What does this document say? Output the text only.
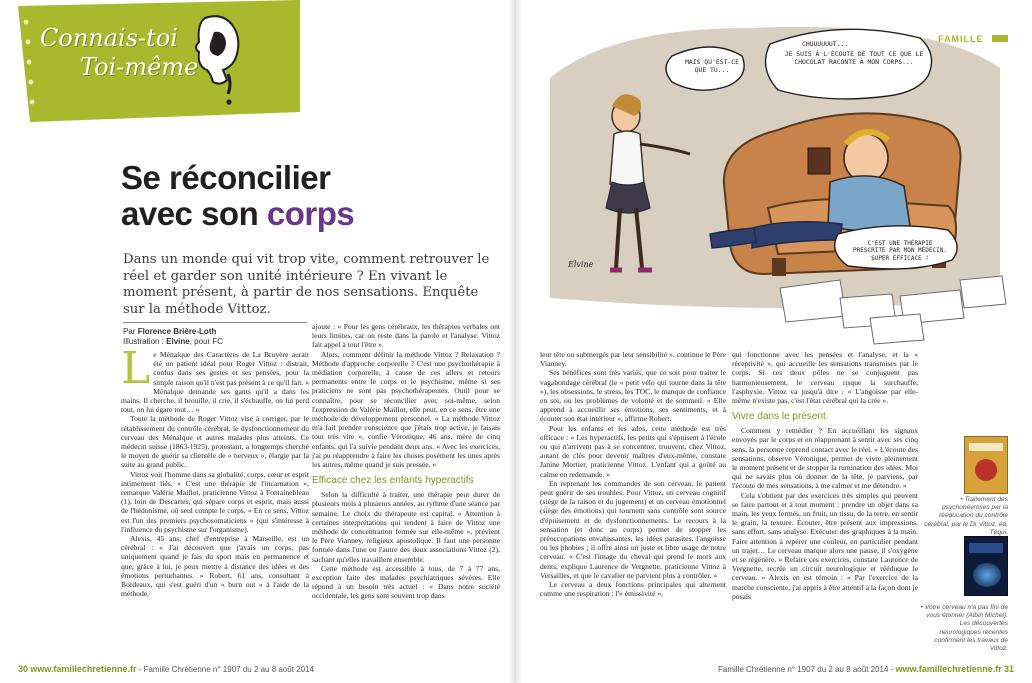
Connais-toi
Toi-même
Se réconcilier
avec son corps
Dans un monde qui vit trop vite, comment retrouver le réel et garder son unité intérieure ? En vivant le moment présent, à partir de nos sensations. Enquête sur la méthode Vittoz.
Par Florence Brière-Loth
Illustration : Elvine, pour FC

Le Ménalque des Caractères de La Bruyère aurait été un patient idéal pour Roger Vittoz : distrait, confus dans ses gestes et ses pensées, pour la simple raison qu'il n'est pas présent à ce qu'il fait. « Ménalque demande ses gants qu'il a dans les mains. Il cherche, il brouille, il crie, il s'échauffe, on lui perd tout, on lui égare tout… »

Toute la méthode de Roger Vittoz vise à corriger, par le rétablissement du contrôle cérébral, le dysfonctionnement du cerveau des Ménalque et autres malades plus atteints. Ce médecin suisse (1863-1925), protestant, a longtemps cherché le moyen de guérir sa clientèle de « nerveux », élargie par la suite au grand public.

Vittoz voit l'homme dans sa globalité, corps, cœur et esprit intimement liés. « C'est une thérapie de l'incarnation », remarque Valérie Maillot, praticienne Vittoz à Fontainebleau (1), loin de Descartes, qui sépare corps et esprit, mais aussi de l'hédonisme, où seul compte le corps. « En ce sens, Vittoz est l'un des premiers psychosomaticiens » (qui s'intéresse à l'influence du psychisme sur l'organisme).

Alexis, 45 ans, chef d'entreprise à Marseille, est un cérébral : « J'ai découvert que j'avais un corps, pas uniquement quand je fais du sport mais en permanence et que, grâce à lui, je peux mettre à distance des idées et des émotions perturbantes. » Robert, 61 ans, consultant à Bordeaux, qui s'est guéri d'un « burn out » à l'aide de la méthode,

ajoute : « Pour les gens cérébraux, les thérapies verbales ont leurs limites, car on reste dans la parole et l'analyse. Vittoz fait appel à tout l'être ».

Alors, comment définir la méthode Vittoz ? Relaxation ? Méthode d'approche corporelle ? C'est une psychothérapie à médiation corporelle, à cause de ces allers et retours permanents entre le corps et le psychisme, même si ses praticiens ne sont pas psychothérapeutes. Outil pour se connaître, pour se réconcilier avec soi-même, selon l'expression de Valérie Maillot, elle peut, en ce sens, être une méthode de développement personnel. « La méthode Vittoz m'a fait prendre conscience que j'étais trop active, je faisais tout très vite », confie Véronique, 46 ans, mère de cinq enfants, qui l'a suivie pendant deux ans. « Avec les exercices, j'ai pu réapprendre à faire les choses posément les unes après les autres, même quand je suis pressée. »

Efficace chez les enfants hyperactifs

Selon la difficulté à traiter, une thérapie peut durer de plusieurs mois à plusieurs années, au rythme d'une séance par semaine. Le choix du thérapeute est capital. « Attention à certaines interprétations qui tendent à faire de Vittoz une méthode de concentration fermée sur elle-même », prévient le Père Vianney, religieux apostolique. Il faut une personne formée dans l'une ou l'autre des deux associations Vittoz (2), sachant qu'elles travaillent ensemble.

Cette méthode est accessible à tous, de 7 à 77 ans, exception faite des malades psychiatriques sévères. Elle répond à un besoin très actuel : « Dans notre société occidentale, les gens sont souvent trop dans

FAMILLE
MAIS QU'EST-CE QUE TU...
CHUUUUUUT...
JE SUIS À L'ÉCOUTE DE TOUT CE QUE LE CHOCOLAT RACONTE À MON CORPS...
C'EST UNE THÉRAPIE PRESCRITE PAR MON MÉDECIN. SUPER EFFICACE !
Elvine

leur tête ou submergés par leur sensibilité », continue le Père Vianney.

Ses bénéfices sont très variés, que ce soit pour traiter le vagabondage cérébral (le « petit vélo qui tourne dans la tête »), les obsessions, le stress, les TOC, le manque de confiance en soi, ou les problèmes de volonté et de sommeil. « Elle apprend à accueillir ses émotions, ses sentiments, et à écouter son état intérieur », affirme Robert.

Pour les enfants et les ados, cette méthode est très efficace : « Les hyperactifs, les petits qui s'épuisent à l'école ou qui n'arrivent pas à se concentrer, trouvent, chez Vittoz, autant de clés pour devenir maîtres d'eux-même, constate Janine Mortier, praticienne Vittoz. L'enfant qui a goûté au calme en redemande. »

En reprenant les commandes de son cerveau, le patient peut guérir de ses troubles. Pour Vittoz, un cerveau cognitif (siège de la raison et du jugement) et un cerveau émotionnel (siège des émotions) qui tournent sans contrôle sont source d'épuisement et de dysfonctionnements. Le recours à la sensation (et donc au corps) permet de stopper les préoccupations envahissantes, les idées parasites, l'angoisse ou les phobies ; il offre ainsi un juste et libre usage de notre cerveau. « C'est l'image du cheval qui prend le mors aux dents, explique Laurence de Vergnette, praticienne Vittoz à Versailles, et que le cavalier ne parvient plus à contrôler. »

Le cerveau a deux fonctions principales qui alternent comme une respiration : l'« émissivité »,

qui fonctionne avec les pensées et l'analyse, et la « réceptivité », qui accueille les sensations transmises par le corps. Si ces deux pôles ne se conjuguent pas harmonieusement, le cerveau risque la surchauffe, l'asphyxie. Vittoz va jusqu'à dire : « L'angoisse par elle-même n'existe pas, c'est l'état cérébral qui la crée ».

Vivre dans le présent

Comment y remédier ? En accueillant les signaux envoyés par le corps et en réapprenant à sentir avec ses cinq sens, la personne reprend contact avec le réel. « L'écoute des sensations, observe Véronique, permet de vivre pleinement le moment présent et de stopper la rumination des idées. Moi qui ne savais plus où donner de la tête, je parviens, par l'écoute de mes sensations, à me calmer et me détendre. »

Cela s'obtient par des exercices très simples qui peuvent se faire partout et à tout moment : prendre un objet dans sa main, les yeux fermés, un fruit, un tissu, de la terre, en sentir le grain, la texture. Écouter, être présent aux impressions, sans effort, sans analyse. Exécuter des graphiques à la main. Faire attention à repérer une couleur, en particulier pendant un trajet… Le cerveau marque alors une pause, il s'oxygène et se régénère. « Refaire ces exercices, constate Laurence de Vergnette, recrée un circuit neurologique et rééduque le cerveau. » Alexis en est témoin : « Par l'exercice de la marche consciente, j'ai appris à être attentif à la façon dont je posais

• Traitement des psychonévroses par la rééducation du contrôle cérébral, par le Dr Vittoz, éd. Téqui.
• Votre cerveau n'a pas fini de vous étonner (Albin Michel). Les découvertes neurologiques récentes confirment les travaux de Vittoz.
30 www.famillechretienne.fr - Famille Chrétienne n° 1907 du 2 au 8 août 2014	Famille Chrétienne n° 1907 du 2 au 8 août 2014 - www.famillechretienne.fr 31
